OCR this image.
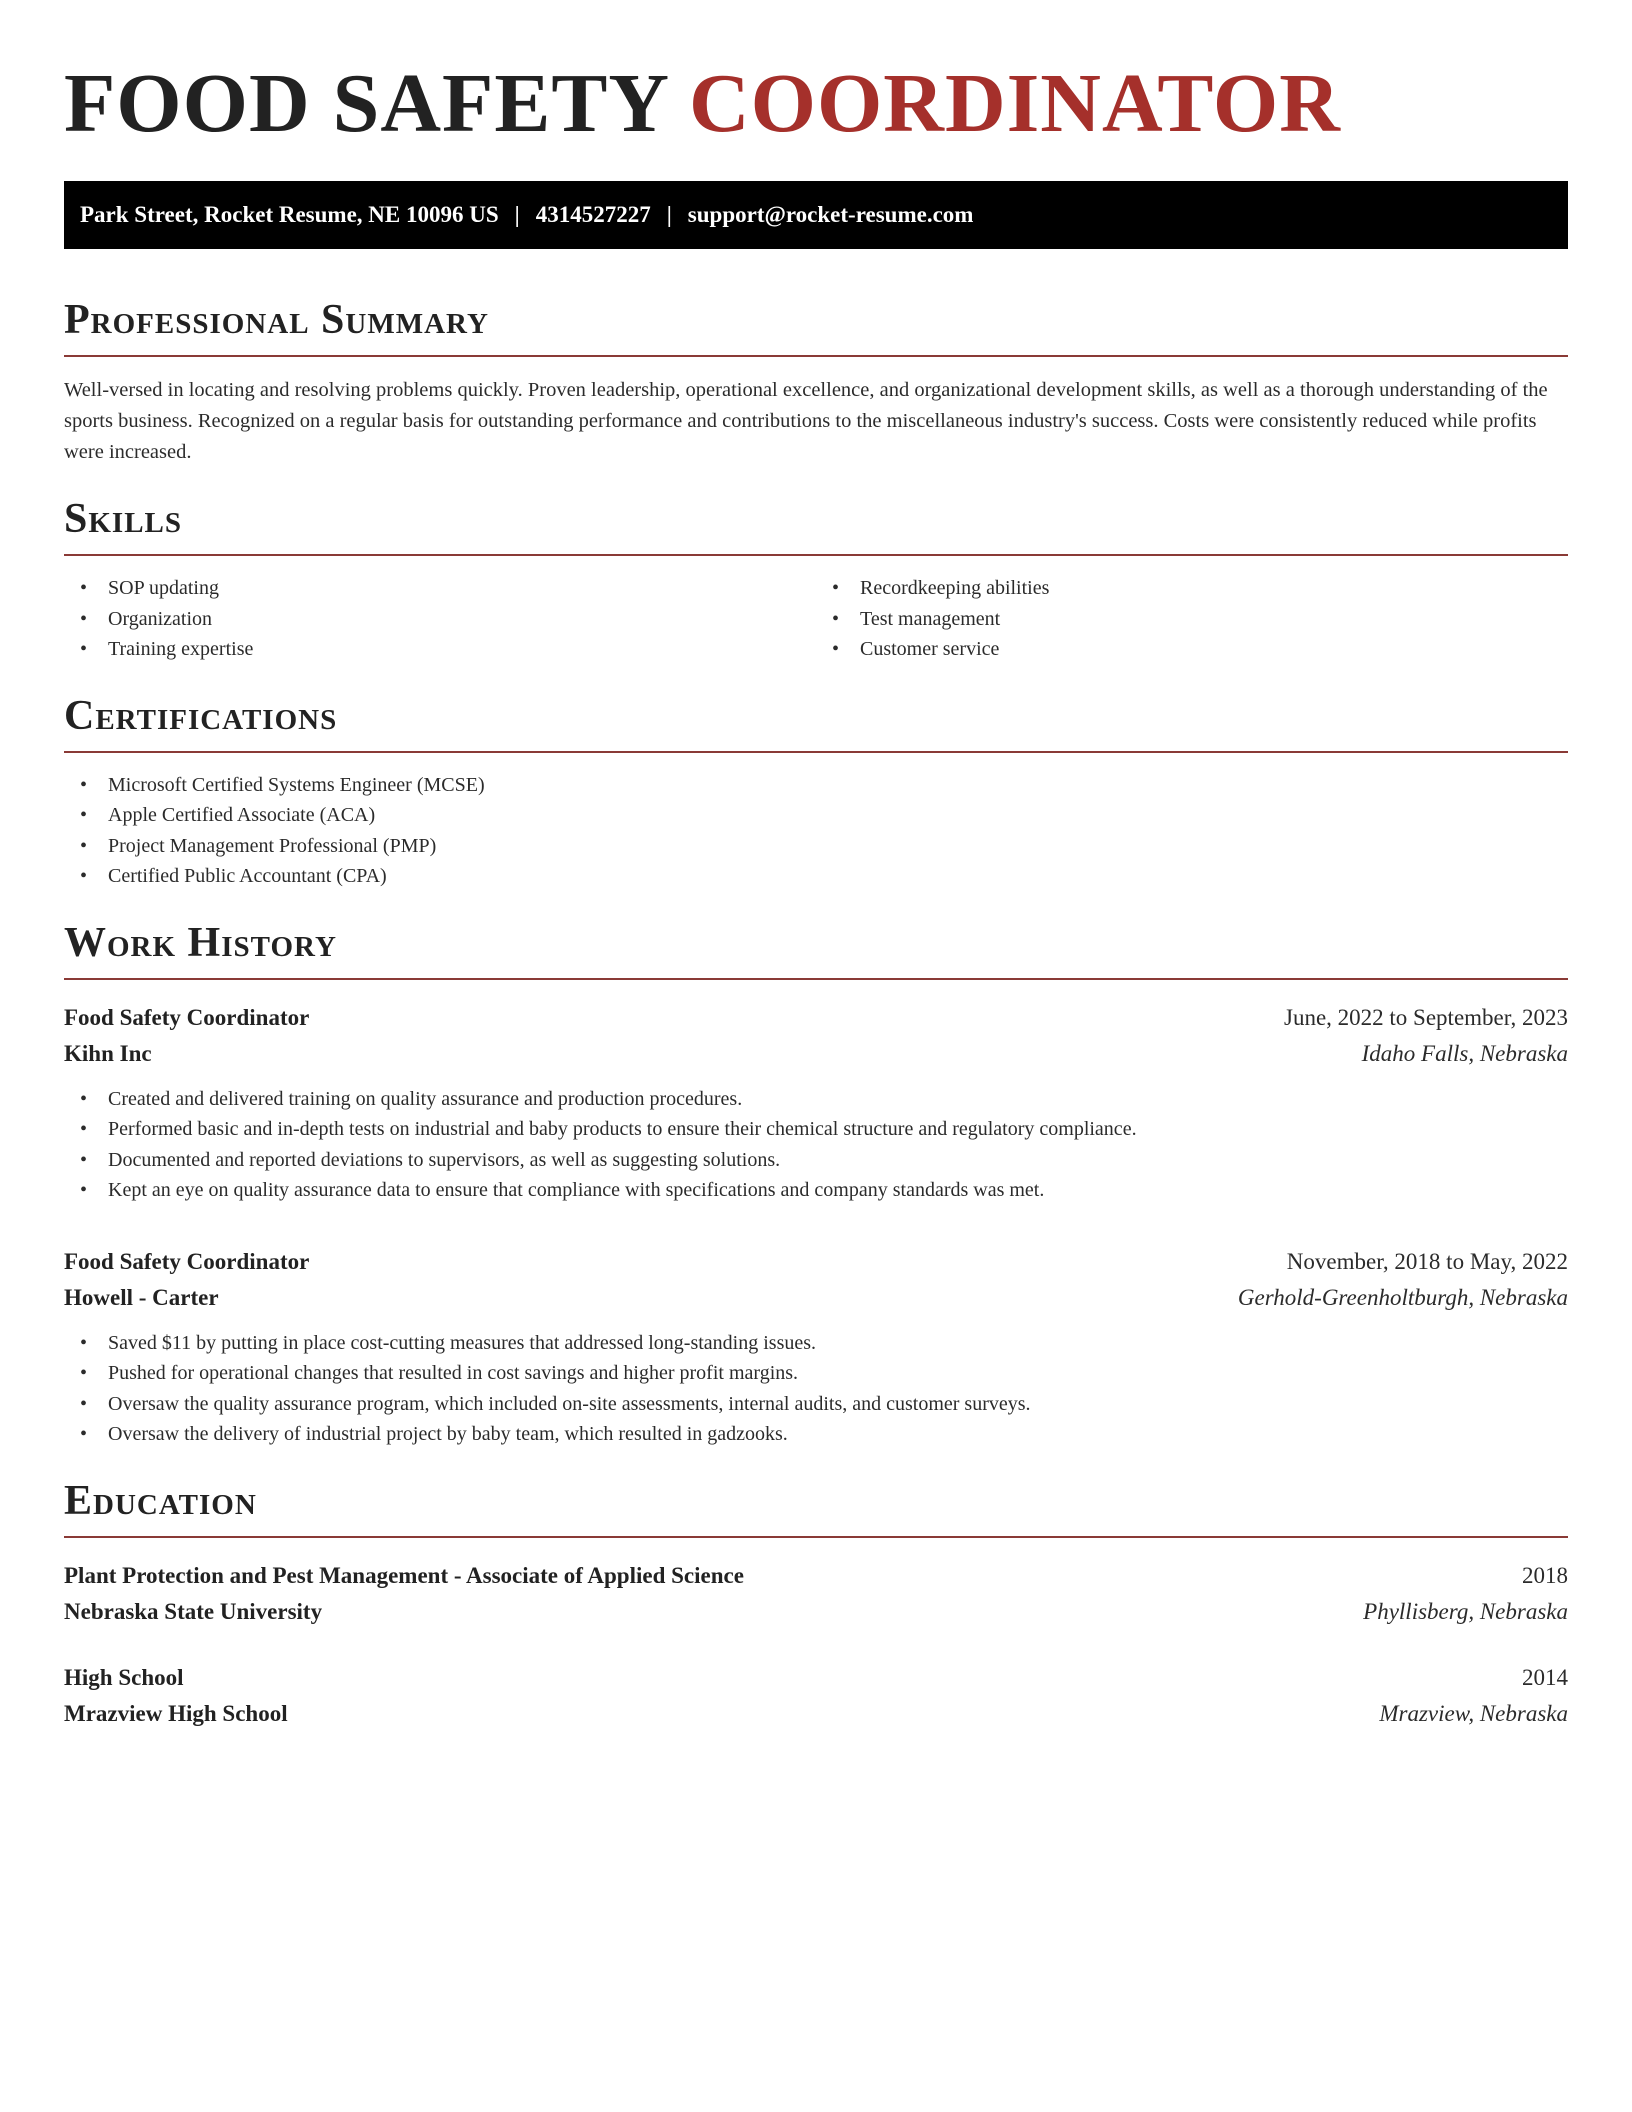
FOOD SAFETY COORDINATOR
Park Street, Rocket Resume, NE 10096 US | 4314527227 | support@rocket-resume.com
Professional Summary

Well-versed in locating and resolving problems quickly. Proven leadership, operational excellence, and organizational development skills, as well as a thorough understanding of the sports business. Recognized on a regular basis for outstanding performance and contributions to the miscellaneous industry's success. Costs were consistently reduced while profits were increased.

Skills
• SOP updating
• Organization
• Training expertise
• Recordkeeping abilities
• Test management
• Customer service
Certifications
• Microsoft Certified Systems Engineer (MCSE)
• Apple Certified Associate (ACA)
• Project Management Professional (PMP)
• Certified Public Accountant (CPA)
Work History
Food Safety Coordinator	June, 2022 to September, 2023
Kihn Inc	Idaho Falls, Nebraska
• Created and delivered training on quality assurance and production procedures.
• Performed basic and in-depth tests on industrial and baby products to ensure their chemical structure and regulatory compliance.
• Documented and reported deviations to supervisors, as well as suggesting solutions.
• Kept an eye on quality assurance data to ensure that compliance with specifications and company standards was met.
Food Safety Coordinator	November, 2018 to May, 2022
Howell - Carter	Gerhold-Greenholtburgh, Nebraska
• Saved $11 by putting in place cost-cutting measures that addressed long-standing issues.
• Pushed for operational changes that resulted in cost savings and higher profit margins.
• Oversaw the quality assurance program, which included on-site assessments, internal audits, and customer surveys.
• Oversaw the delivery of industrial project by baby team, which resulted in gadzooks.
Education
Plant Protection and Pest Management - Associate of Applied Science	2018
Nebraska State University	Phyllisberg, Nebraska
High School	2014
Mrazview High School	Mrazview, Nebraska
